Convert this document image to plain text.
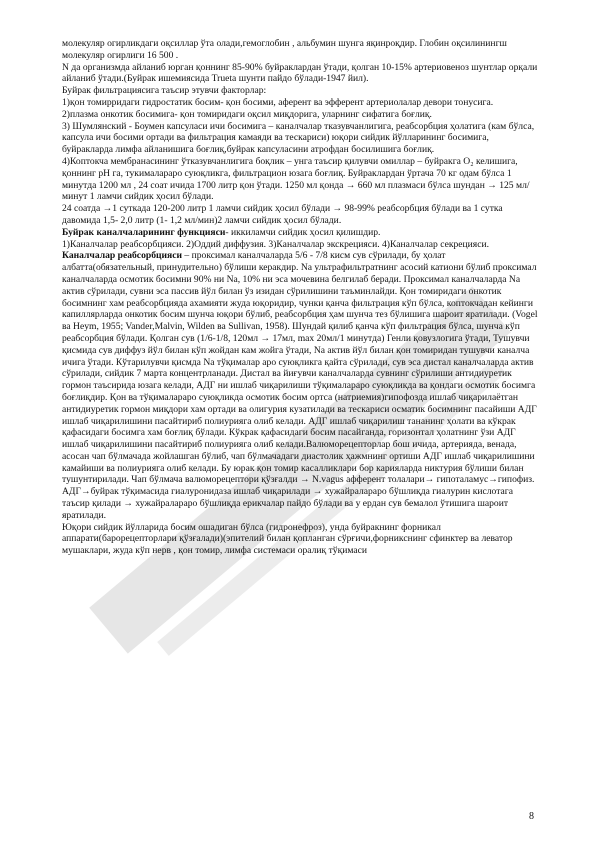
молекуляр огирликдаги оқсиллар ўта олади,гемоглобин , альбумин шунга яқинроқдир. Глобин оқсилинингш молекуляр огирлиги 16 500 .

N да организмда айланиб юрган қоннинг 85-90% буйраклардан ўтади, қолган 10-15% артериовеноз шунтлар орқали айланиб ўтади.(Буйрак ишемиясида Truetа шунти пайдо бўлади-1947 йил).

Буйрак фильтрациясига таъсир этувчи факторлар:

1)қон томирридаги гидростатик босим- қон босими, аферент ва эфферент артериолалар девори тонусига.

2)плазма онкотик босимига- қон томиридаги оқсил миқдорига, уларнинг сифатига боғлиқ.

3) Шумлянский - Боумен капсуласи ичи босимига – каналчалар тказувчанлигига, реабсорбция ҳолатига (кам бўлса, капсула ичи босими ортади ва фильтрация камаяди ва тескариси) юқори сийдик йўлларининг босимига, буйракларда лимфа айланишига боғлиқ,буйрак капсуласини атрофдан босилишига боғлиқ.

4)Коптокча мембранасининг ўтказувчанлигига боқлик – унга таъсир қилувчи омиллар – буйракга O₂ келишига, қоннинг рН га, тукималараро суюқликга, фильтрацион юзага боғлиқ. Буйраклардан ўртача 70 кг одам бўлса 1 минутда 1200 мл , 24 соат ичида 1700 литр қон ўтади. 1250 мл қонда → 660 мл плазмаси бўлса шундан → 125 мл/ минут 1 ламчи сийдик ҳосил бўлади.

24 соатда →1 суткада 120-200 литр 1 ламчи сийдик ҳосил бўлади → 98-99% реабсорбция бўлади ва 1 сутка давомида 1,5- 2,0 литр (1- 1,2 мл/мин)2 ламчи сийдик ҳосил бўлади.

Буйрак каналчаларининг функцияси- иккиламчи сийдик ҳосил қилишдир.

1)Каналчалар реабсорбцияси. 2)Оддий диффузия. 3)Каналчалар экскрецияси. 4)Каналчалар секрецияси.

Каналчалар реабсорбцияси – проксимал каналчаларда 5/6 - 7/8 кисм сув сўрилади, бу ҳолат албатта(обязательный, принудительно) бўлиши керакдир. Na ультрафильтратнинг асосий катиони бўлиб проксимал каналчаларда осмотик босимни 90% ни Na, 10% ни эса мочевина белгилаб беради. Проксимал каналчаларда Na актив сўрилади, сувни эса пассив йўл билан ўз изидан сўрилишини таъминлайди. Қон томиридаги онкотик босимнинг хам реабсорбцияда ахамияти жуда юқоридир, чунки қанча фильтрация кўп бўлса, коптокчадан кейинги капиллярларда онкотик босим шунча юқори бўлиб, реабсорбция ҳам шунча тез бўлишига шароит яратилади. (Vogel ва Heym, 1955; Vander,Malvin, Wilden ва Sullivan, 1958). Шундай қилиб қанча кўп фильтрация бўлса, шунча кўп реабсорбция бўлади. Қолган сув (1/6-1/8, 120мл → 17мл, max 20мл/1 минутда) Генли қовузлогига ўтади, Тушувчи қисмида сув диффуз йўл билан кўп жойдан кам жойга ўтади, Na актив йўл билан қон томиридан тушувчи каналча ичига ўтади. Кўтарилувчи қисмда Na тўқималар аро суюқликга қайта сўрилади, сув эса дистал каналчаларда актив сўрилади, сийдик 7 марта концентрланади. Дистал ва йиғувчи каналчаларда сувнинг сўрилиши антидиуретик гормон таъсирида юзага келади, АДГ ни ишлаб чиқарилиши тўқималараро суюқликда ва қондаги осмотик босимга боғлиқдир. Қон ва тўқималараро суюқликда осмотик босим ортса (натриемия)гипофозда ишлаб чиқарилаётган антидиуретик гормон миқдори хам ортади ва олигурия кузатилади ва тескариси осматик босимнинг пасайиши АДГ ишлаб чиқарилишини пасайтириб полиурияга олиб келади. АДГ ишлаб чиқарилиш тананинг ҳолати ва кўкрак қафасидаги босимга хам боғлиқ бўлади. Кўкрак қафасидаги босим пасайганда, горизонтал ҳолатнинг ўзи АДГ ишлаб чиқарилишини пасайтириб полиурияга олиб келади.Валюморецепторлар бош ичида, артерияда, венада, асосан чап бўлмачада жойлашган бўлиб, чап бўлмачадаги диастолик ҳажмнинг ортиши АДГ ишлаб чиқарилишини камайиши ва полиурияга олиб келади. Бу юрак қон томир касалликлари бор карияларда никтурия бўлиши билан тушунтирилади. Чап бўлмача валюморецептори қўзғалди → N.vagus афферент толалари→ гипоталамус→гипофиз. АДГ→буйрак тўқимасида гиалуронидаза ишлаб чиқарилади → хужайралараро бўшлиқда гиалурин кислотага таъсир қилади → хужайралараро бўшлиқда ерикчалар пайдо бўлади ва у ердан сув бемалол ўтишига шароит яратилади.

Юқори сийдик йўлларида босим ошадиган бўлса (гидронефроз), унда буйракнинг форникал аппарати(барорецепторлари қўзғалади)(эпителий билан қопланган сўрғичи,форникснинг сфинктер ва леватор мушаклари, жуда кўп нерв , қон томир, лимфа системаси оралиқ тўқимаси

8
